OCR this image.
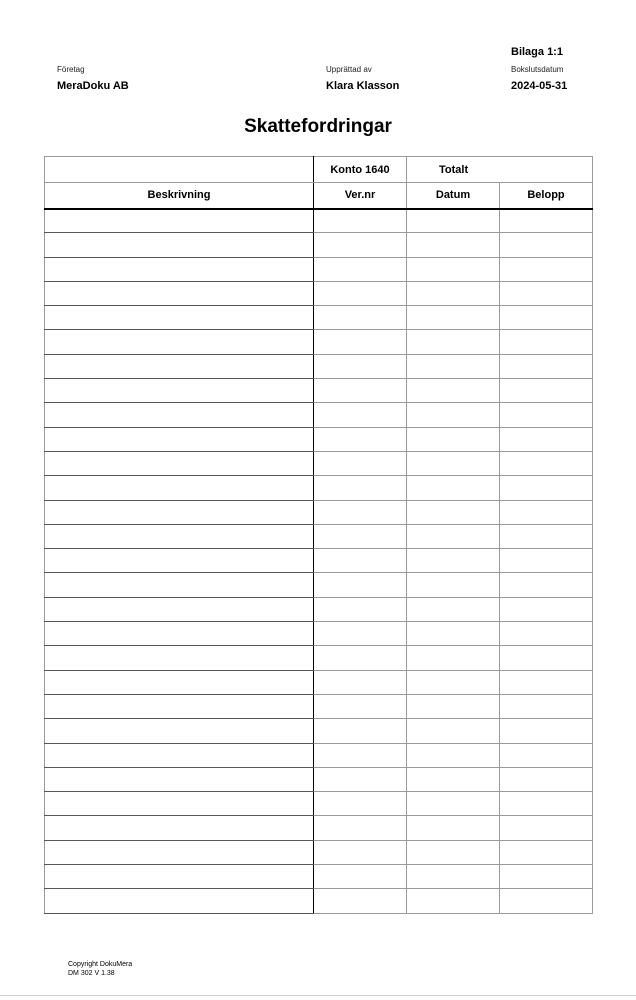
Bilaga 1:1
Företag
MeraDoku AB
Upprättad av
Klara Klasson
Bokslutsdatum
2024-05-31
Skattefordringar
	Konto 1640	Totalt	
Beskrivning	Ver.nr	Datum	Belopp

Copyright DokuMera
DM 302 V 1.38
